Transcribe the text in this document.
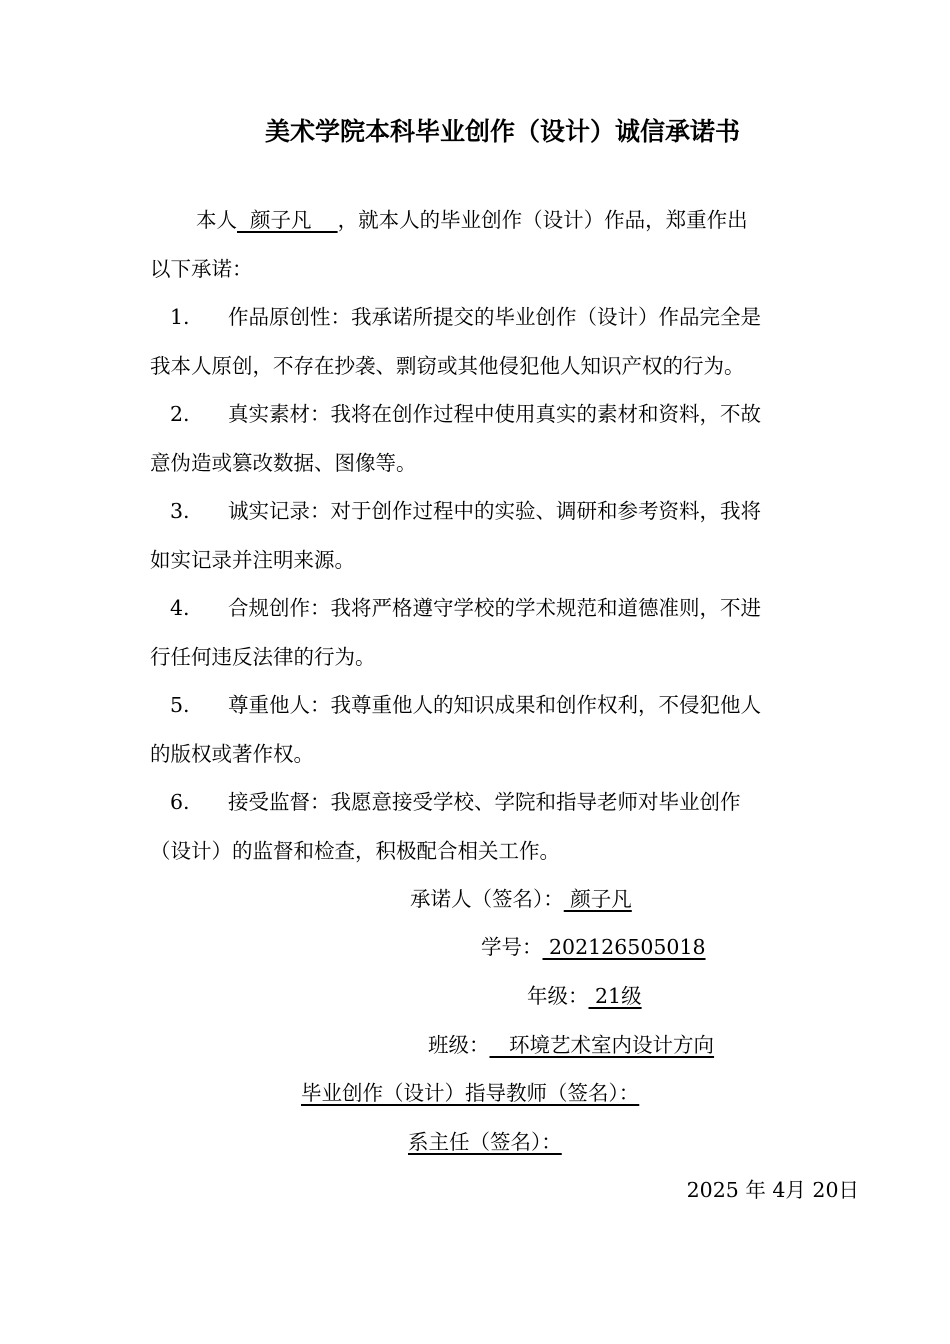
美术学院本科毕业创作（设计）诚信承诺书
本人  颜子凡    ，就本人的毕业创作（设计）作品，郑重作出
以下承诺：
1. 作品原创性：我承诺所提交的毕业创作（设计）作品完全是
我本人原创，不存在抄袭、剽窃或其他侵犯他人知识产权的行为。
2. 真实素材：我将在创作过程中使用真实的素材和资料，不故
意伪造或篡改数据、图像等。
3. 诚实记录：对于创作过程中的实验、调研和参考资料，我将
如实记录并注明来源。
4. 合规创作：我将严格遵守学校的学术规范和道德准则，不进
行任何违反法律的行为。
5. 尊重他人：我尊重他人的知识成果和创作权利，不侵犯他人
的版权或著作权。
6. 接受监督：我愿意接受学校、学院和指导老师对毕业创作
（设计）的监督和检查，积极配合相关工作。
承诺人（签名）： 颜子凡
学号： 202126505018
年级： 21级
班级：   环境艺术室内设计方向
毕业创作（设计）指导教师（签名）：
系主任（签名）：
2025 年 4月 20日
